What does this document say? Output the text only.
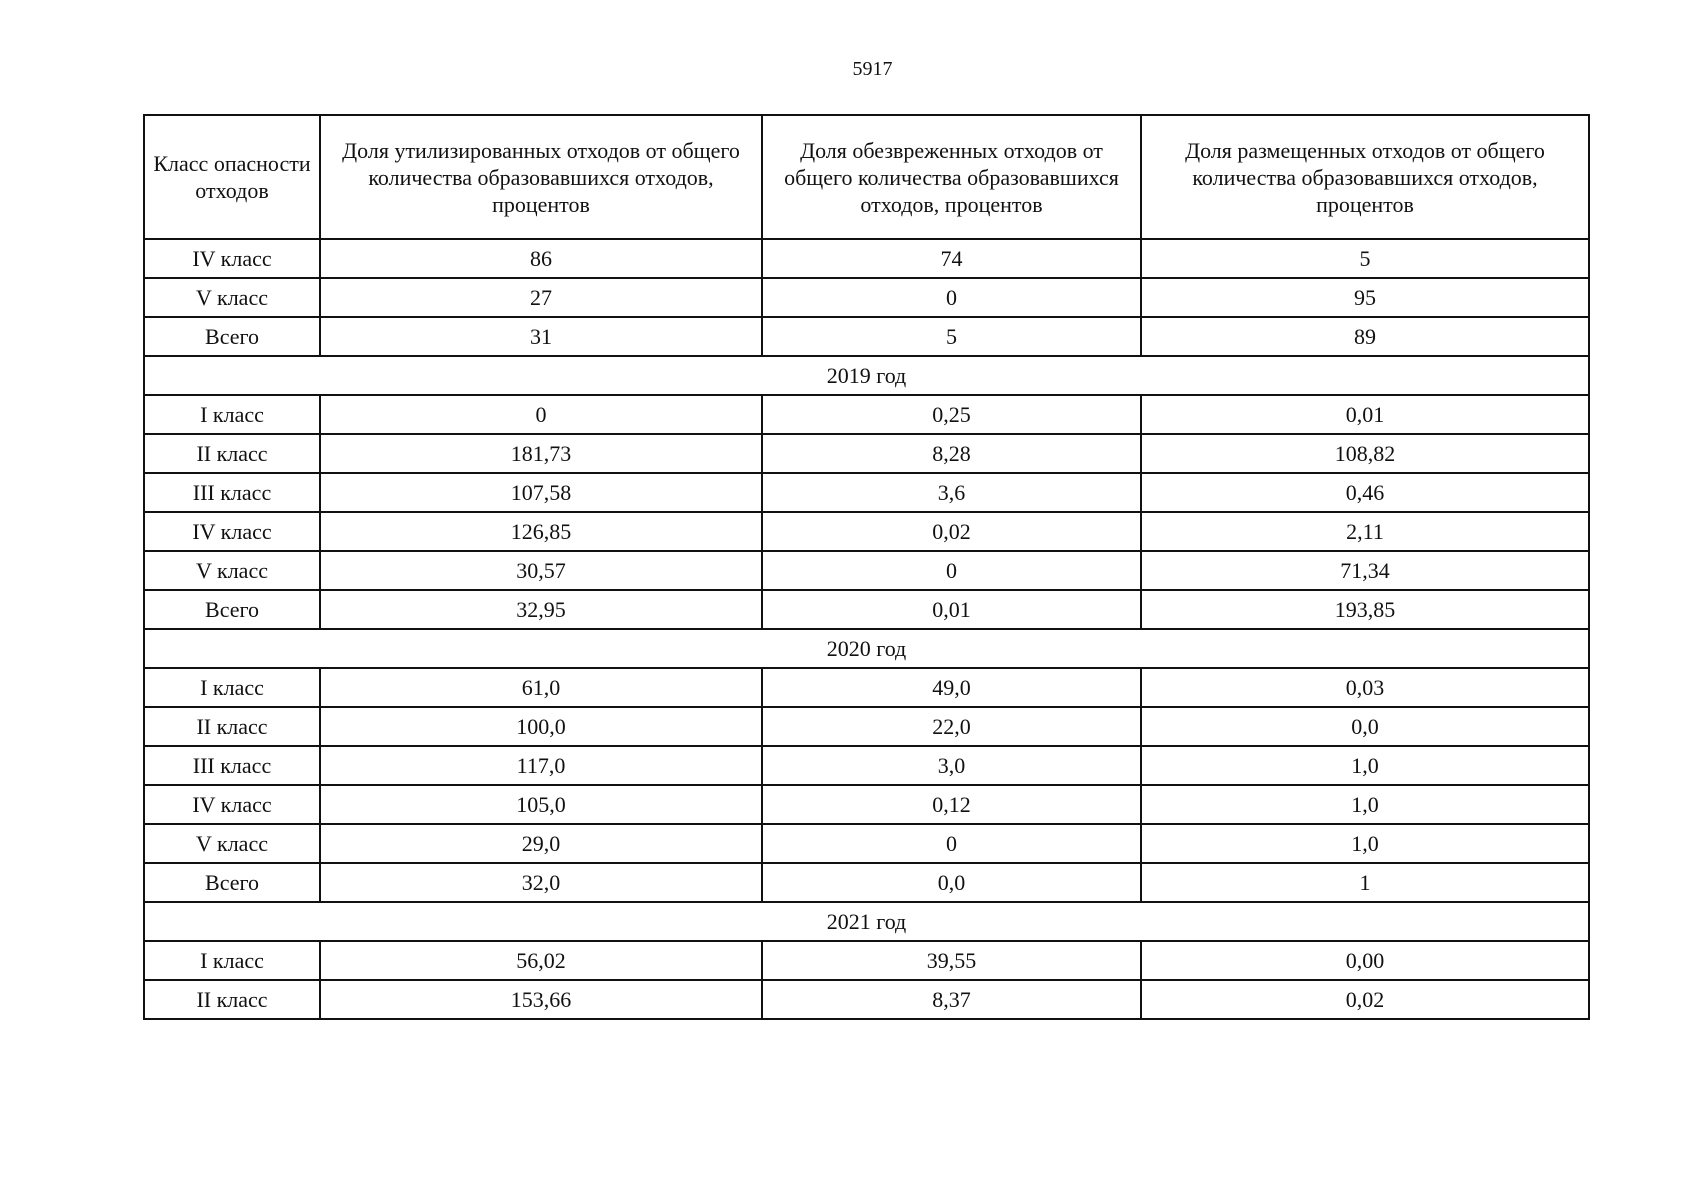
5917
Класс опасности отходов	Доля утилизированных отходов от общего количества образовавшихся отходов, процентов	Доля обезвреженных отходов от общего количества образовавшихся отходов, процентов	Доля размещенных отходов от общего количества образовавшихся отходов, процентов
IV класс	86	74	5
V класс	27	0	95
Всего	31	5	89
2019 год			
I класс	0	0,25	0,01
II класс	181,73	8,28	108,82
III класс	107,58	3,6	0,46
IV класс	126,85	0,02	2,11
V класс	30,57	0	71,34
Всего	32,95	0,01	193,85
2020 год			
I класс	61,0	49,0	0,03
II класс	100,0	22,0	0,0
III класс	117,0	3,0	1,0
IV класс	105,0	0,12	1,0
V класс	29,0	0	1,0
Всего	32,0	0,0	1
2021 год			
I класс	56,02	39,55	0,00
II класс	153,66	8,37	0,02
